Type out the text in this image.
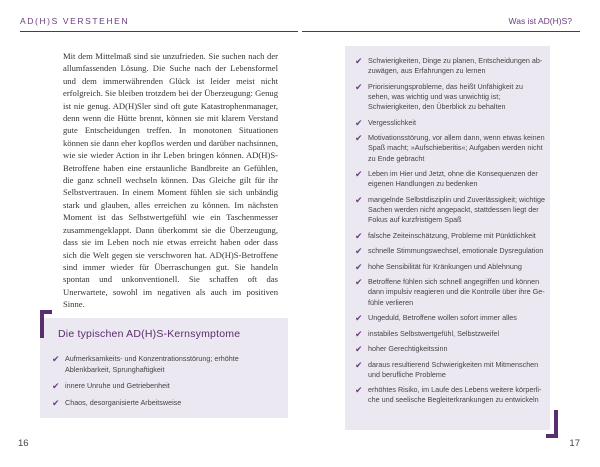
AD(H)S VERSTEHEN	Was ist AD(H)S?

Mit dem Mittelmaß sind sie unzufrieden. Sie suchen nach der allumfassenden Lösung. Die Suche nach der Lebensformel und dem immerwährenden Glück ist leider meist nicht erfolgreich. Sie bleiben trotzdem bei der Überzeugung: Genug ist nie genug. AD(H)Sler sind oft gute Katastrophenmanager, denn wenn die Hütte brennt, können sie mit klarem Verstand gute Entscheidungen treffen. In monotonen Situationen können sie dann eher kopflos werden und darüber nachsinnen, wie sie wieder Action in ihr Leben bringen können. AD(H)S-Betroffene haben eine erstaunliche Bandbreite an Gefühlen, die ganz schnell wechseln können. Das Gleiche gilt für ihr Selbstvertrauen. In einem Moment fühlen sie sich unbändig stark und glauben, alles erreichen zu können. Im nächsten Moment ist das Selbstwertgefühl wie ein Taschenmesser zusammengeklappt. Dann überkommt sie die Überzeugung, dass sie im Leben noch nie etwas erreicht haben oder dass sich die Welt gegen sie verschworen hat. AD(H)S-Betroffene sind immer wieder für Überraschungen gut. Sie handeln spontan und unkonventionell. Sie schaffen oft das Unerwartete, sowohl im negativen als auch im positiven Sinne.

Die typischen AD(H)S-Kernsymptome
✔ Aufmerksamkeits- und Konzentrationsstörung; erhöhte Ablenkbarkeit, Sprunghaftigkeit
✔ innere Unruhe und Getriebenheit
✔ Chaos, desorganisierte Arbeitsweise
✔ Schwierigkeiten, Dinge zu planen, Entscheidungen abzuwägen, aus Erfahrungen zu lernen
✔ Priorisierungsprobleme, das heißt Unfähigkeit zu sehen, was wichtig und was unwichtig ist; Schwierigkeiten, den Überblick zu behalten
✔ Vergesslichkeit
✔ Motivationsstörung, vor allem dann, wenn etwas keinen Spaß macht; »Aufschieberitis«; Aufgaben werden nicht zu Ende gebracht
✔ Leben im Hier und Jetzt, ohne die Konsequenzen der eigenen Handlungen zu bedenken
✔ mangelnde Selbstdisziplin und Zuverlässigkeit; wichtige Sachen werden nicht angepackt, stattdessen liegt der Fokus auf kurzfristigem Spaß
✔ falsche Zeiteinschätzung, Probleme mit Pünktlichkeit
✔ schnelle Stimmungswechsel, emotionale Dysregulation
✔ hohe Sensibilität für Kränkungen und Ablehnung
✔ Betroffene fühlen sich schnell angegriffen und können dann impulsiv reagieren und die Kontrolle über ihre Gefühle verlieren
✔ Ungeduld, Betroffene wollen sofort immer alles
✔ instabiles Selbstwertgefühl, Selbstzweifel
✔ hoher Gerechtigkeitssinn
✔ daraus resultierend Schwierigkeiten mit Mitmenschen und berufliche Probleme
✔ erhöhtes Risiko, im Laufe des Lebens weitere körperliche und seelische Begleiterkrankungen zu entwickeln
16	17
